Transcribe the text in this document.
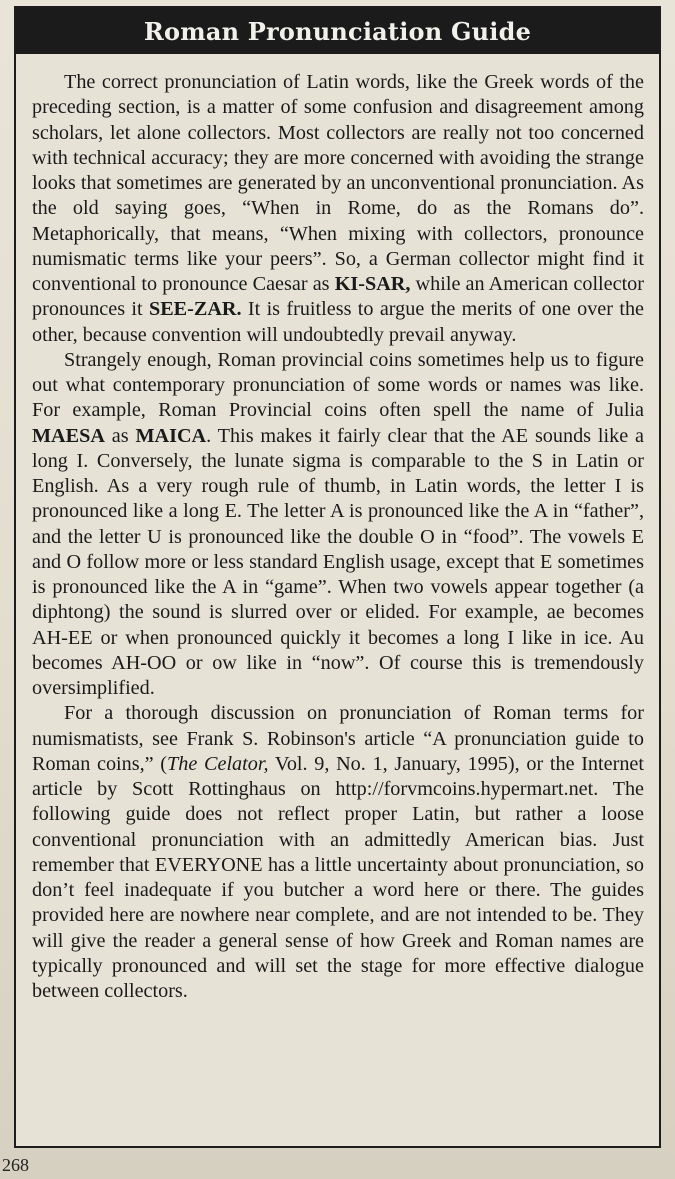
Roman Pronunciation Guide

The correct pronunciation of Latin words, like the Greek words of the preceding section, is a matter of some confusion and disagreement among scholars, let alone collectors. Most collectors are really not too concerned with technical accuracy; they are more concerned with avoiding the strange looks that sometimes are generated by an unconventional pronunciation. As the old saying goes, “When in Rome, do as the Romans do”. Metaphorically, that means, “When mixing with collectors, pronounce numismatic terms like your peers”. So, a German collector might find it conventional to pronounce Caesar as KI-SAR, while an American collector pronounces it SEE-ZAR. It is fruitless to argue the merits of one over the other, because convention will undoubtedly prevail anyway.

Strangely enough, Roman provincial coins sometimes help us to figure out what contemporary pronunciation of some words or names was like. For example, Roman Provincial coins often spell the name of Julia MAESA as MAICA. This makes it fairly clear that the AE sounds like a long I. Conversely, the lunate sigma is comparable to the S in Latin or English. As a very rough rule of thumb, in Latin words, the letter I is pronounced like a long E. The letter A is pronounced like the A in “father”, and the letter U is pronounced like the double O in “food”. The vowels E and O follow more or less standard English usage, except that E sometimes is pronounced like the A in “game”. When two vowels appear together (a diphtong) the sound is slurred over or elided. For example, ae becomes AH-EE or when pronounced quickly it becomes a long I like in ice. Au becomes AH-OO or ow like in “now”. Of course this is tremendously oversimplified.

For a thorough discussion on pronunciation of Roman terms for numismatists, see Frank S. Robinson's article “A pronunciation guide to Roman coins,” (The Celator, Vol. 9, No. 1, January, 1995), or the Internet article by Scott Rottinghaus on http://forvmcoins.hypermart.net. The following guide does not reflect proper Latin, but rather a loose conventional pronunciation with an admittedly American bias. Just remember that EVERYONE has a little uncertainty about pronunciation, so don’t feel inadequate if you butcher a word here or there. The guides provided here are nowhere near complete, and are not intended to be. They will give the reader a general sense of how Greek and Roman names are typically pronounced and will set the stage for more effective dialogue between collectors.

268
